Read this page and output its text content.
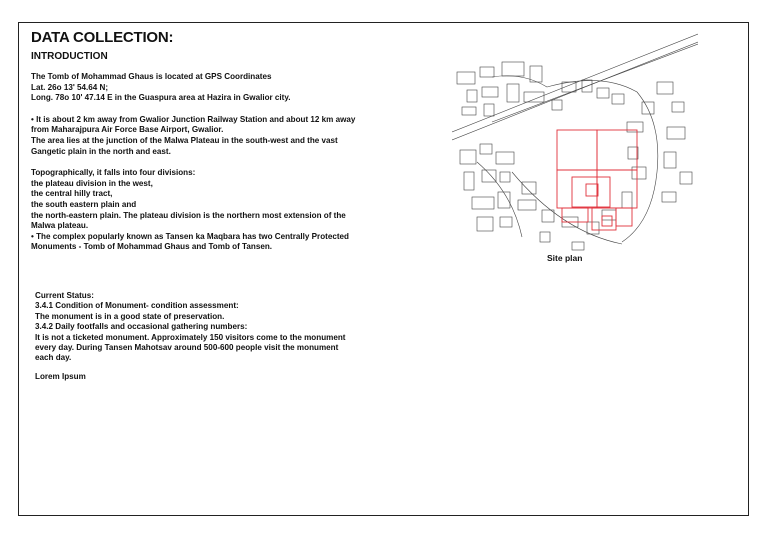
DATA COLLECTION:
INTRODUCTION

The Tomb of Mohammad Ghaus is located at GPS Coordinates
Lat. 26o 13' 54.64 N;
Long. 78o 10' 47.14 E in the Guaspura area at Hazira in Gwalior city.

• It is about 2 km away from Gwalior Junction Railway Station and about 12 km away
from Maharajpura Air Force Base Airport, Gwalior.
The area lies at the junction of the Malwa Plateau in the south-west and the vast
Gangetic plain in the north and east.

Topographically, it falls into four divisions:
the plateau division in the west,
the central hilly tract,
the south eastern plain and
the north-eastern plain. The plateau division is the northern most extension of the
Malwa plateau.
• The complex popularly known as Tansen ka Maqbara has two Centrally Protected
Monuments - Tomb of Mohammad Ghaus and Tomb of Tansen.

Current Status:
3.4.1 Condition of Monument- condition assessment:
The monument is in a good state of preservation.
3.4.2 Daily footfalls and occasional gathering numbers:
It is not a ticketed monument. Approximately 150 visitors come to the monument
every day. During Tansen Mahotsav around 500-600 people visit the monument
each day.

Lorem Ipsum

Site plan
